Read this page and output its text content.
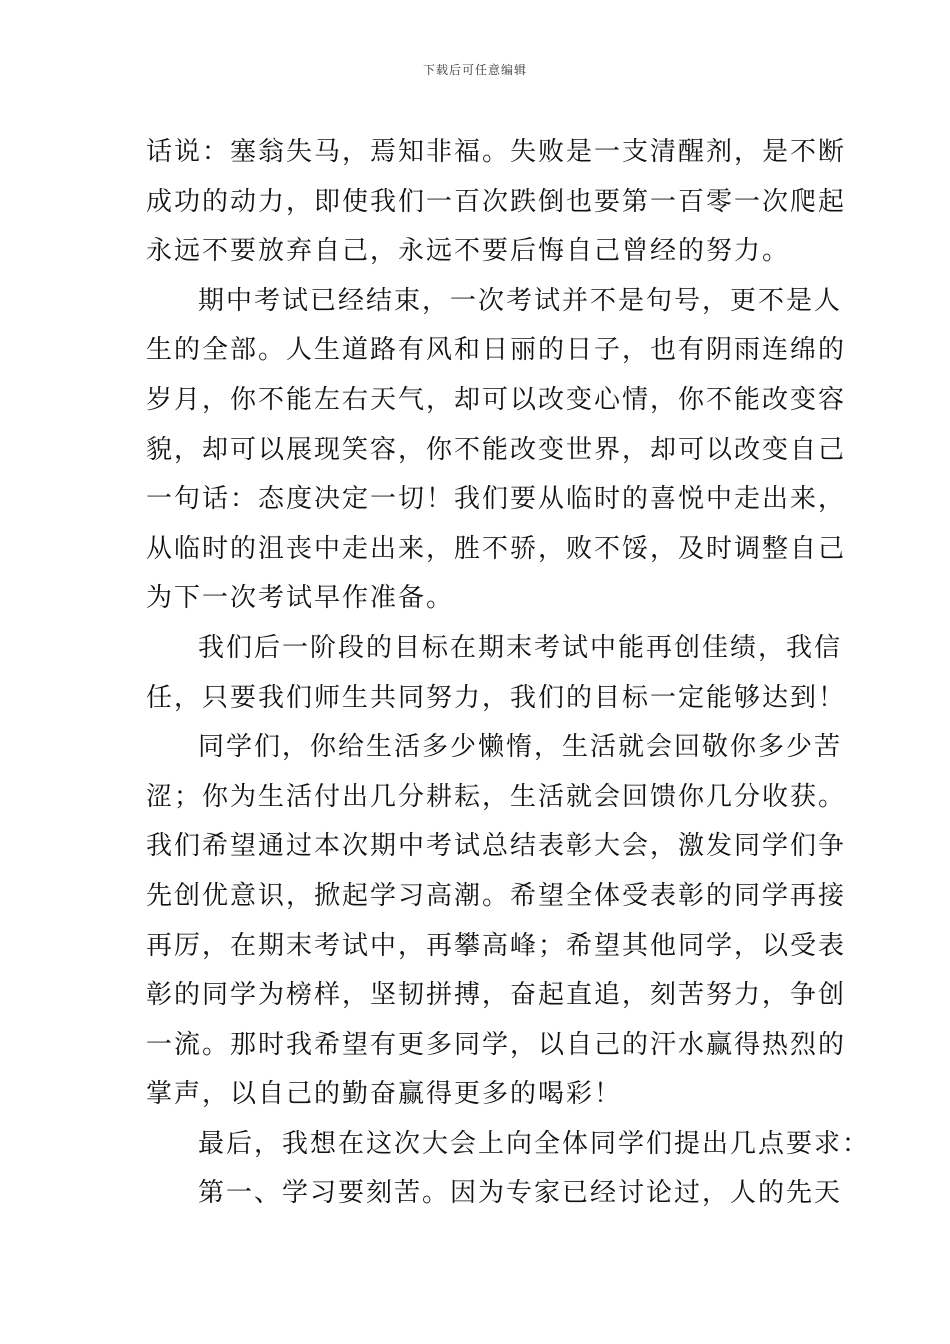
下载后可任意编辑
话说：塞翁失马，焉知非福。失败是一支清醒剂，是不断
成功的动力，即使我们一百次跌倒也要第一百零一次爬起
永远不要放弃自己，永远不要后悔自己曾经的努力。
期中考试已经结束，一次考试并不是句号，更不是人
生的全部。人生道路有风和日丽的日子，也有阴雨连绵的
岁月，你不能左右天气，却可以改变心情，你不能改变容
貌，却可以展现笑容，你不能改变世界，却可以改变自己
一句话：态度决定一切！我们要从临时的喜悦中走出来，
从临时的沮丧中走出来，胜不骄，败不馁，及时调整自己
为下一次考试早作准备。
我们后一阶段的目标在期末考试中能再创佳绩，我信
任，只要我们师生共同努力，我们的目标一定能够达到！
同学们，你给生活多少懒惰，生活就会回敬你多少苦
涩；你为生活付出几分耕耘，生活就会回馈你几分收获。
我们希望通过本次期中考试总结表彰大会，激发同学们争
先创优意识，掀起学习高潮。希望全体受表彰的同学再接
再厉，在期末考试中，再攀高峰；希望其他同学，以受表
彰的同学为榜样，坚韧拼搏，奋起直追，刻苦努力，争创
一流。那时我希望有更多同学，以自己的汗水赢得热烈的
掌声，以自己的勤奋赢得更多的喝彩！
最后，我想在这次大会上向全体同学们提出几点要求：
第一、学习要刻苦。因为专家已经讨论过，人的先天
